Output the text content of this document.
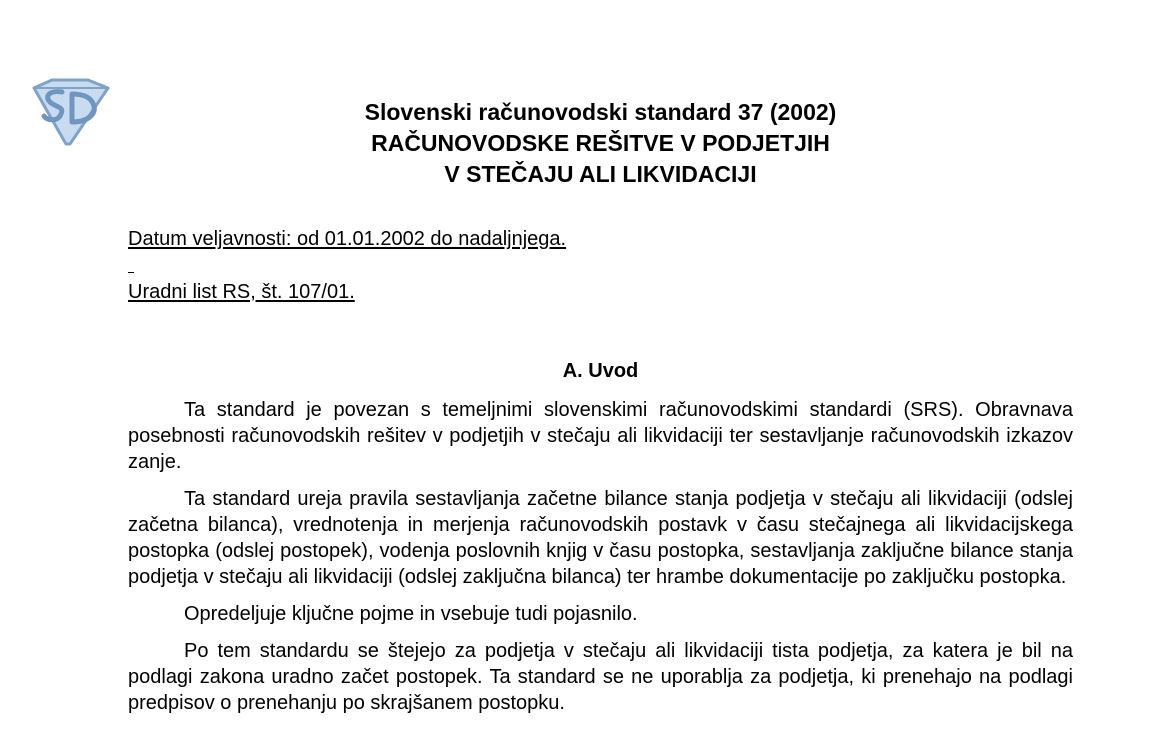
Slovenski računovodski standard 37 (2002)
RAČUNOVODSKE REŠITVE V PODJETJIH
V STEČAJU ALI LIKVIDACIJI
Datum veljavnosti: od 01.01.2002 do nadaljnjega.
Uradni list RS, št. 107/01.
A. Uvod

Ta standard je povezan s temeljnimi slovenskimi računovodskimi standardi (SRS). Obravnava posebnosti računovodskih rešitev v podjetjih v stečaju ali likvidaciji ter sestavljanje računovodskih izkazov zanje.

Ta standard ureja pravila sestavljanja začetne bilance stanja podjetja v stečaju ali likvidaciji (odslej začetna bilanca), vrednotenja in merjenja računovodskih postavk v času stečajnega ali likvidacijskega postopka (odslej postopek), vodenja poslovnih knjig v času postopka, sestavljanja zaključne bilance stanja podjetja v stečaju ali likvidaciji (odslej zaključna bilanca) ter hrambe dokumentacije po zaključku postopka.

Opredeljuje ključne pojme in vsebuje tudi pojasnilo.

Po tem standardu se štejejo za podjetja v stečaju ali likvidaciji tista podjetja, za katera je bil na podlagi zakona uradno začet postopek. Ta standard se ne uporablja za podjetja, ki prenehajo na podlagi predpisov o prenehanju po skrajšanem postopku.
